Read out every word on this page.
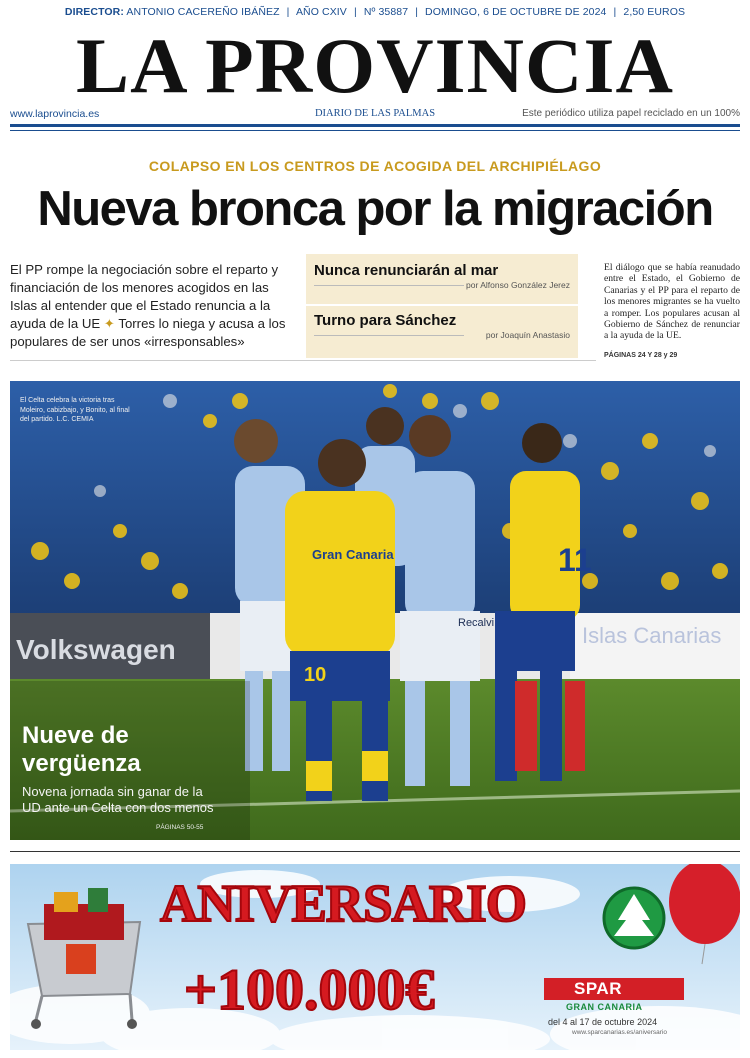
DIRECTOR: ANTONIO CACEREÑO IBÁÑEZ | AÑO CXIV | Nº 35887 | DOMINGO, 6 DE OCTUBRE DE 2024 | 2,50 EUROS
LA PROVINCIA
www.laprovincia.es	DIARIO DE LAS PALMAS	Este periódico utiliza papel reciclado en un 100%
COLAPSO EN LOS CENTROS DE ACOGIDA DEL ARCHIPIÉLAGO
Nueva bronca por la migración

El PP rompe la negociación sobre el reparto y financiación de los menores acogidos en las Islas al entender que el Estado renuncia a la ayuda de la UE ✦ Torres lo niega y acusa a los populares de ser unos «irresponsables»

Nunca renunciarán al mar
por Alfonso González Jerez
Turno para Sánchez
por Joaquín Anastasio

El diálogo que se había reanudado entre el Estado, el Gobierno de Canarias y el PP para el reparto de los menores migrantes se ha vuelto a romper. Los populares acusan al Gobierno de Sánchez de renunciar a la ayuda de la UE.

PÁGINAS 24 Y 28 y 29
Volkswagen	Islas Canarias
Recalvi
Gran Canaria
10
11

El Celta celebra la victoria tras Moleiro, cabizbajo, y Bonito, al final del partido. L.C. CEMIA

Nueve de
vergüenza

Novena jornada sin ganar de la UD ante un Celta con dos menos

PÁGINAS 50-55
ANIVERSARIO
+100.000€	SPAR
GRAN CANARIA
del 4 al 17 de octubre 2024
www.sparcanarias.es/aniversario
